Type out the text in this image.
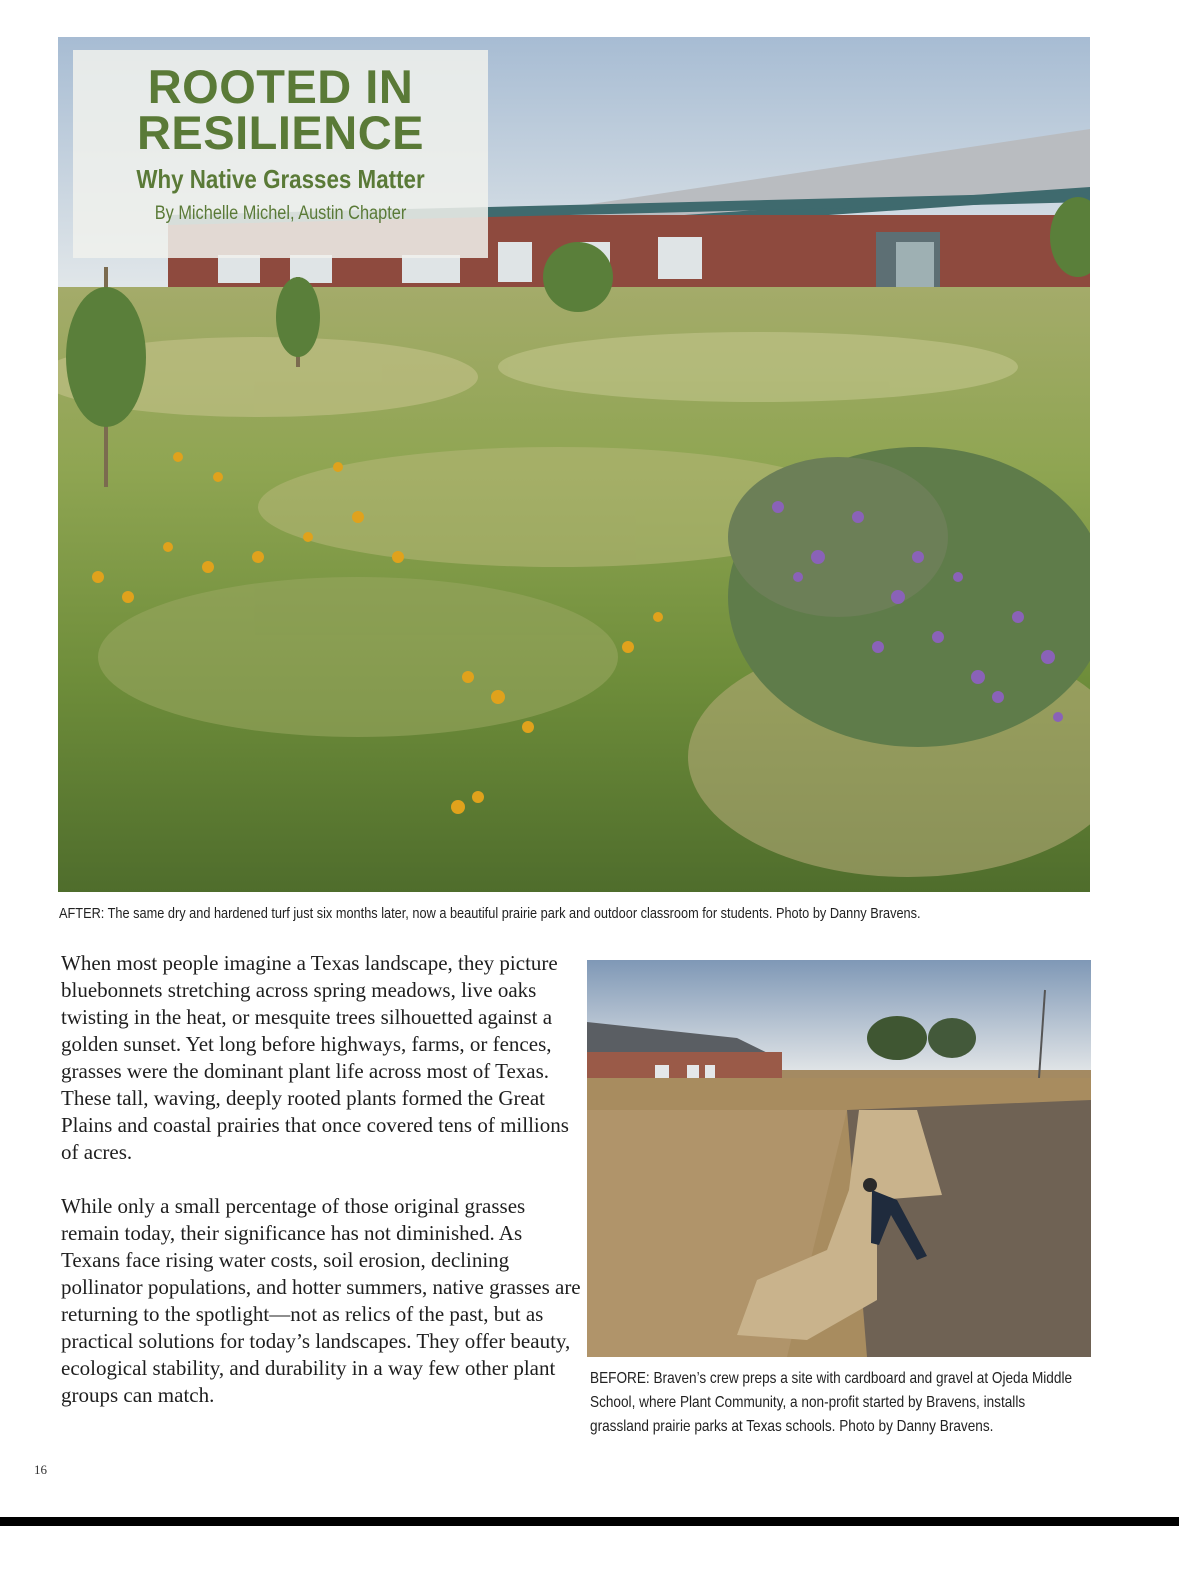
ROOTED IN
RESILIENCE
Why Native Grasses Matter
By Michelle Michel, Austin Chapter
AFTER: The same dry and hardened turf just six months later, now a beautiful prairie park and outdoor classroom for students. Photo by Danny Bravens.

When most people imagine a Texas landscape, they picture bluebonnets stretching across spring meadows, live oaks twisting in the heat, or mesquite trees silhouetted against a golden sunset. Yet long before highways, farms, or fences, grasses were the dominant plant life across most of Texas. These tall, waving, deeply rooted plants formed the Great Plains and coastal prairies that once covered tens of millions of acres.

While only a small percentage of those original grasses remain today, their significance has not diminished. As Texans face rising water costs, soil erosion, declining pollinator populations, and hotter summers, native grasses are returning to the spotlight—not as relics of the past, but as practical solutions for today’s landscapes. They offer beauty, ecological stability, and durability in a way few other plant groups can match.

BEFORE: Braven’s crew preps a site with cardboard and gravel at Ojeda Middle School, where Plant Community, a non-profit started by Bravens, installs grassland prairie parks at Texas schools. Photo by Danny Bravens.
16
